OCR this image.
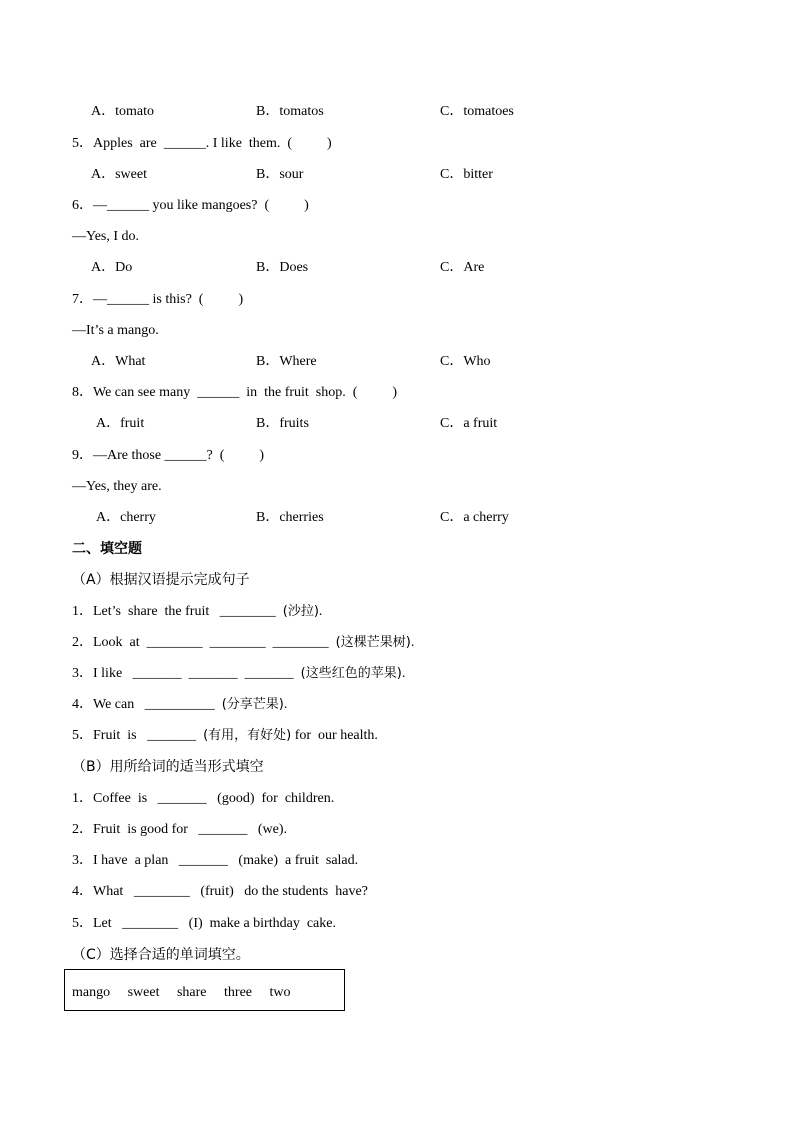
A．tomato	B．tomatos	C．tomatoes
5．Apples  are  ______. I like  them.  (          )
A．sweet	B．sour	C．bitter
6．—______ you like mangoes?  (          )
—Yes, I do.
A．Do	B．Does	C．Are
7．—______ is this?  (          )
—It’s a mango.
A．What	B．Where	C．Who
8．We can see many  ______  in  the fruit  shop.  (          )
A．fruit	B．fruits	C．a fruit
9．—Are those ______?  (          )
—Yes, they are.
A．cherry	B．cherries	C．a cherry
二、填空题
（A）根据汉语提示完成句子
1．Let’s  share  the fruit   ________  (沙拉).
2．Look  at  ________  ________  ________  (这棵芒果树).
3．I like   _______  _______  _______  (这些红色的苹果).
4．We can   __________  (分享芒果).
5．Fruit  is   _______  (有用，有好处) for  our health.
（B）用所给词的适当形式填空
1．Coffee  is   _______   (good)  for  children.
2．Fruit  is good for   _______   (we).
3．I have  a plan   _______   (make)  a fruit  salad.
4．What   ________   (fruit)   do the students  have?
5．Let   ________   (I)  make a birthday  cake.
（C）选择合适的单词填空。
mango     sweet     share     three     two
